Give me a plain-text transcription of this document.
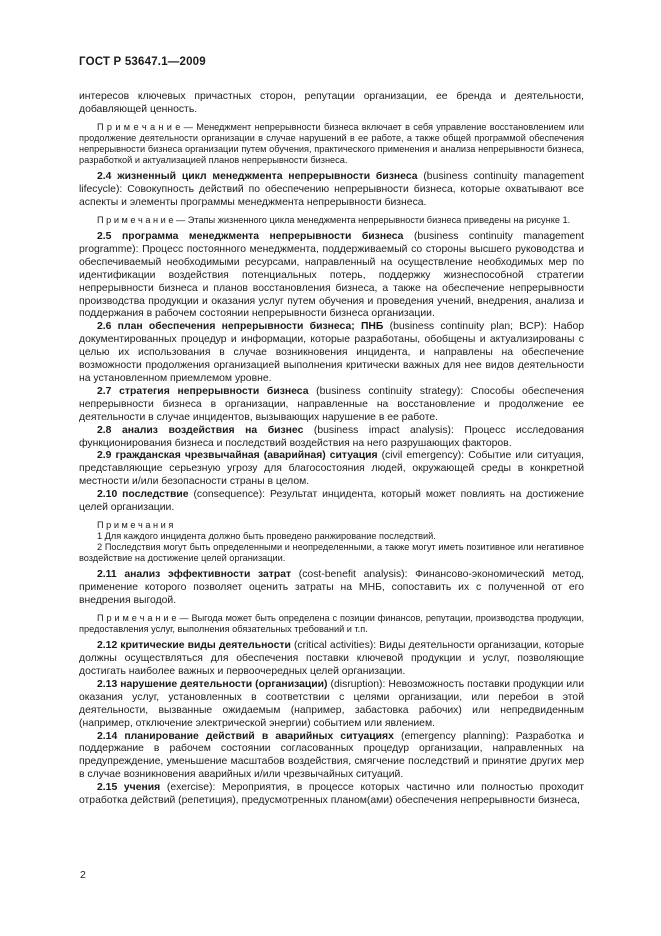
ГОСТ Р 53647.1—2009

интересов ключевых причастных сторон, репутации организации, ее бренда и деятельности, добавляющей ценность.

П р и м е ч а н и е — Менеджмент непрерывности бизнеса включает в себя управление восстановлением или продолжение деятельности организации в случае нарушений в ее работе, а также общей программой обеспечения непрерывности бизнеса организации путем обучения, практического применения и анализа непрерывности бизнеса, разработкой и актуализацией планов непрерывности бизнеса.

2.4 жизненный цикл менеджмента непрерывности бизнеса (business continuity management lifecycle): Совокупность действий по обеспечению непрерывности бизнеса, которые охватывают все аспекты и элементы программы менеджмента непрерывности бизнеса.

П р и м е ч а н и е — Этапы жизненного цикла менеджмента непрерывности бизнеса приведены на рисунке 1.

2.5 программа менеджмента непрерывности бизнеса (business continuity management programme): Процесс постоянного менеджмента, поддерживаемый со стороны высшего руководства и обеспечиваемый необходимыми ресурсами, направленный на осуществление необходимых мер по идентификации воздействия потенциальных потерь, поддержку жизнеспособной стратегии непрерывности бизнеса и планов восстановления бизнеса, а также на обеспечение непрерывности производства продукции и оказания услуг путем обучения и проведения учений, внедрения, анализа и поддержания в рабочем состоянии непрерывности бизнеса организации.

2.6 план обеспечения непрерывности бизнеса; ПНБ (business continuity plan; BCP): Набор документированных процедур и информации, которые разработаны, обобщены и актуализированы с целью их использования в случае возникновения инцидента, и направлены на обеспечение возможности продолжения организацией выполнения критически важных для нее видов деятельности на установленном приемлемом уровне.

2.7 стратегия непрерывности бизнеса (business continuity strategy): Способы обеспечения непрерывности бизнеса в организации, направленные на восстановление и продолжение ее деятельности в случае инцидентов, вызывающих нарушение в ее работе.

2.8 анализ воздействия на бизнес (business impact analysis): Процесс исследования функционирования бизнеса и последствий воздействия на него разрушающих факторов.

2.9 гражданская чрезвычайная (аварийная) ситуация (civil emergency): Событие или ситуация, представляющие серьезную угрозу для благосостояния людей, окружающей среды в конкретной местности и/или безопасности страны в целом.

2.10 последствие (consequence): Результат инцидента, который может повлиять на достижение целей организации.

П р и м е ч а н и я

1 Для каждого инцидента должно быть проведено ранжирование последствий.

2 Последствия могут быть определенными и неопределенными, а также могут иметь позитивное или негативное воздействие на достижение целей организации.

2.11 анализ эффективности затрат (cost-benefit analysis): Финансово-экономический метод, применение которого позволяет оценить затраты на МНБ, сопоставить их с полученной от его внедрения выгодой.

П р и м е ч а н и е — Выгода может быть определена с позиции финансов, репутации, производства продукции, предоставления услуг, выполнения обязательных требований и т.п.

2.12 критические виды деятельности (critical activities): Виды деятельности организации, которые должны осуществляться для обеспечения поставки ключевой продукции и услуг, позволяющие достигать наиболее важных и первоочередных целей организации.

2.13 нарушение деятельности (организации) (disruption): Невозможность поставки продукции или оказания услуг, установленных в соответствии с целями организации, или перебои в этой деятельности, вызванные ожидаемым (например, забастовка рабочих) или непредвиденным (например, отключение электрической энергии) событием или явлением.

2.14 планирование действий в аварийных ситуациях (emergency planning): Разработка и поддержание в рабочем состоянии согласованных процедур организации, направленных на предупреждение, уменьшение масштабов воздействия, смягчение последствий и принятие других мер в случае возникновения аварийных и/или чрезвычайных ситуаций.

2.15 учения (exercise): Мероприятия, в процессе которых частично или полностью проходит отработка действий (репетиция), предусмотренных планом(ами) обеспечения непрерывности бизнеса,

2
